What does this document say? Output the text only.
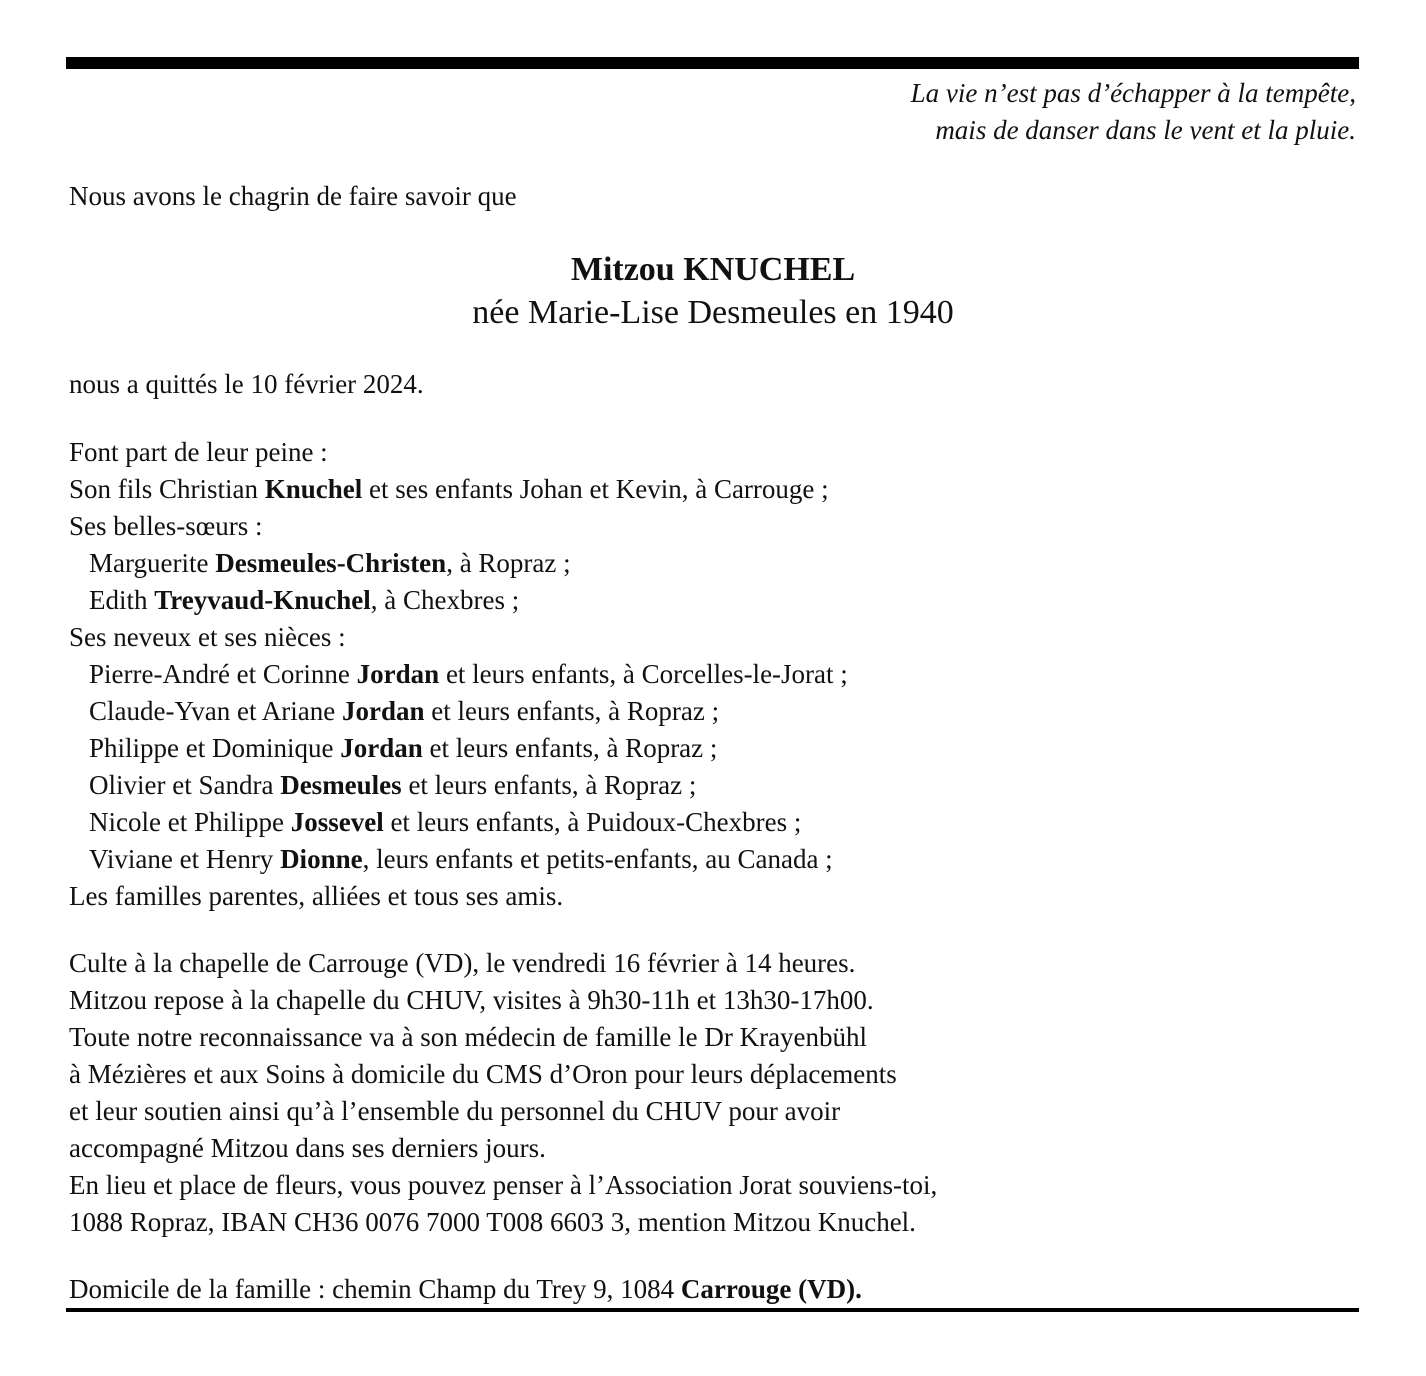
La vie n’est pas d’échapper à la tempête,
mais de danser dans le vent et la pluie.
Nous avons le chagrin de faire savoir que
Mitzou KNUCHEL
née Marie-Lise Desmeules en 1940
nous a quittés le 10 février 2024.
Font part de leur peine :
Son fils Christian Knuchel et ses enfants Johan et Kevin, à Carrouge ;
Ses belles-sœurs :
Marguerite Desmeules-Christen, à Ropraz ;
Edith Treyvaud-Knuchel, à Chexbres ;
Ses neveux et ses nièces :
Pierre-André et Corinne Jordan et leurs enfants, à Corcelles-le-Jorat ;
Claude-Yvan et Ariane Jordan et leurs enfants, à Ropraz ;
Philippe et Dominique Jordan et leurs enfants, à Ropraz ;
Olivier et Sandra Desmeules et leurs enfants, à Ropraz ;
Nicole et Philippe Jossevel et leurs enfants, à Puidoux-Chexbres ;
Viviane et Henry Dionne, leurs enfants et petits-enfants, au Canada ;
Les familles parentes, alliées et tous ses amis.
Culte à la chapelle de Carrouge (VD), le vendredi 16 février à 14 heures.
Mitzou repose à la chapelle du CHUV, visites à 9h30-11h et 13h30-17h00.
Toute notre reconnaissance va à son médecin de famille le Dr Krayenbühl
à Mézières et aux Soins à domicile du CMS d’Oron pour leurs déplacements
et leur soutien ainsi qu’à l’ensemble du personnel du CHUV pour avoir
accompagné Mitzou dans ses derniers jours.
En lieu et place de fleurs, vous pouvez penser à l’Association Jorat souviens-toi,
1088 Ropraz, IBAN CH36 0076 7000 T008 6603 3, mention Mitzou Knuchel.
Domicile de la famille : chemin Champ du Trey 9, 1084 Carrouge (VD).
